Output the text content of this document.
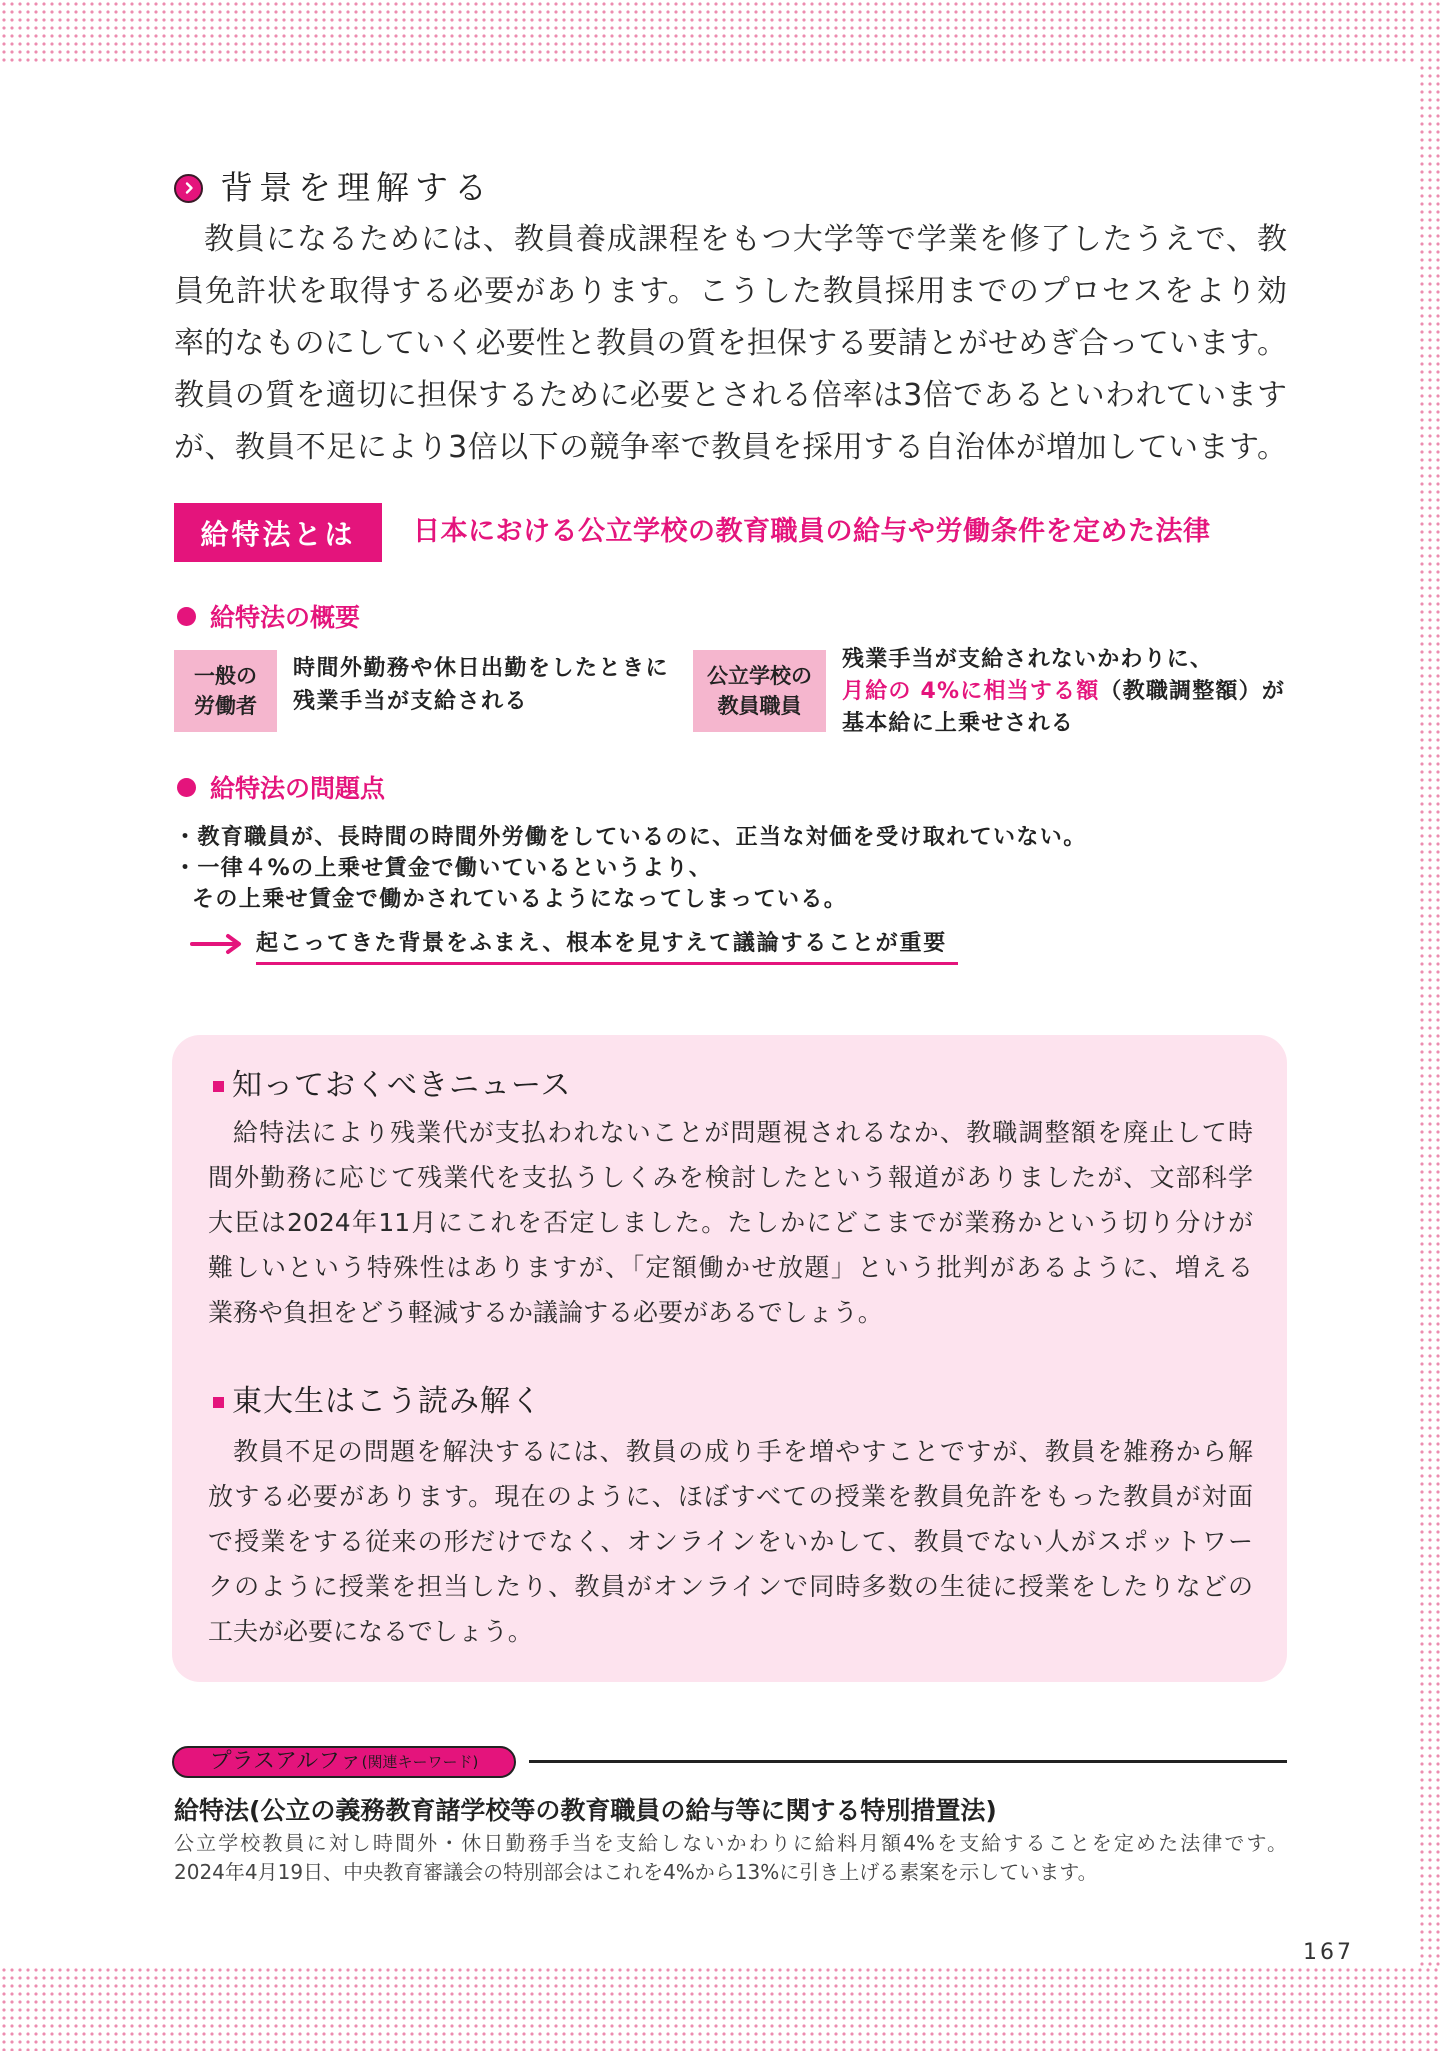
背景を理解する
教員になるためには、教員養成課程をもつ大学等で学業を修了したうえで、教
員免許状を取得する必要があります。こうした教員採用までのプロセスをより効
率的なものにしていく必要性と教員の質を担保する要請とがせめぎ合っています。
教員の質を適切に担保するために必要とされる倍率は3倍であるといわれています
が、教員不足により3倍以下の競争率で教員を採用する自治体が増加しています。
給特法とは	日本における公立学校の教育職員の給与や労働条件を定めた法律
給特法の概要
一般の
労働者
時間外勤務や休日出勤をしたときに
残業手当が支給される
公立学校の
教員職員
残業手当が支給されないかわりに、
月給の 4%に相当する額（教職調整額）が
基本給に上乗せされる
給特法の問題点
・教育職員が、長時間の時間外労働をしているのに、正当な対価を受け取れていない。
・一律４%の上乗せ賃金で働いているというより、
その上乗せ賃金で働かされているようになってしまっている。
起こってきた背景をふまえ、根本を見すえて議論することが重要
知っておくべきニュース
給特法により残業代が支払われないことが問題視されるなか、教職調整額を廃止して時
間外勤務に応じて残業代を支払うしくみを検討したという報道がありましたが、文部科学
大臣は2024年11月にこれを否定しました。たしかにどこまでが業務かという切り分けが
難しいという特殊性はありますが、「定額働かせ放題」という批判があるように、増える
業務や負担をどう軽減するか議論する必要があるでしょう。
東大生はこう読み解く
教員不足の問題を解決するには、教員の成り手を増やすことですが、教員を雑務から解
放する必要があります。現在のように、ほぼすべての授業を教員免許をもった教員が対面
で授業をする従来の形だけでなく、オンラインをいかして、教員でない人がスポットワー
クのように授業を担当したり、教員がオンラインで同時多数の生徒に授業をしたりなどの
工夫が必要になるでしょう。
プラスアルファ (関連キーワード)
給特法(公立の義務教育諸学校等の教育職員の給与等に関する特別措置法)
公立学校教員に対し時間外・休日勤務手当を支給しないかわりに給料月額4%を支給することを定めた法律です。
2024年4月19日、中央教育審議会の特別部会はこれを4%から13%に引き上げる素案を示しています。
167
